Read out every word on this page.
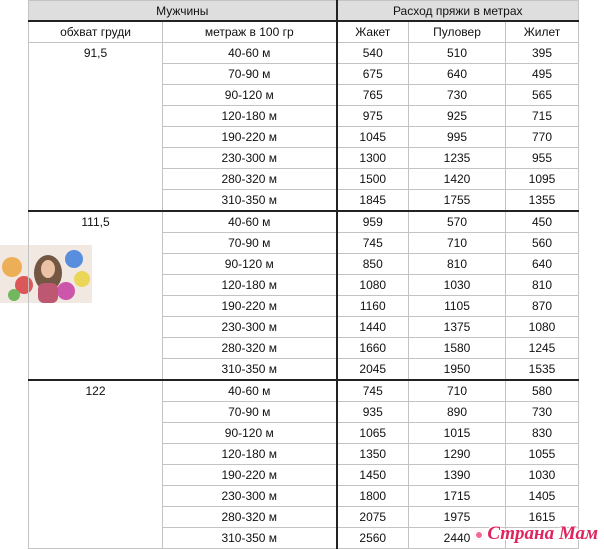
Мужчины		Расход пряжи в метрах		
обхват груди	метраж в 100 гр	Жакет	Пуловер	Жилет
91,5	40-60 м	540	510	395
	70-90 м	675	640	495
	90-120 м	765	730	565
	120-180 м	975	925	715
	190-220 м	1045	995	770
	230-300 м	1300	1235	955
	280-320 м	1500	1420	1095
	310-350 м	1845	1755	1355
111,5	40-60 м	959	570	450
	70-90 м	745	710	560
	90-120 м	850	810	640
	120-180 м	1080	1030	810
	190-220 м	1160	1105	870
	230-300 м	1440	1375	1080
	280-320 м	1660	1580	1245
	310-350 м	2045	1950	1535
122	40-60 м	745	710	580
	70-90 м	935	890	730
	90-120 м	1065	1015	830
	120-180 м	1350	1290	1055
	190-220 м	1450	1390	1030
	230-300 м	1800	1715	1405
	280-320 м	2075	1975	1615
	310-350 м	2560	2440	Страна Мам
